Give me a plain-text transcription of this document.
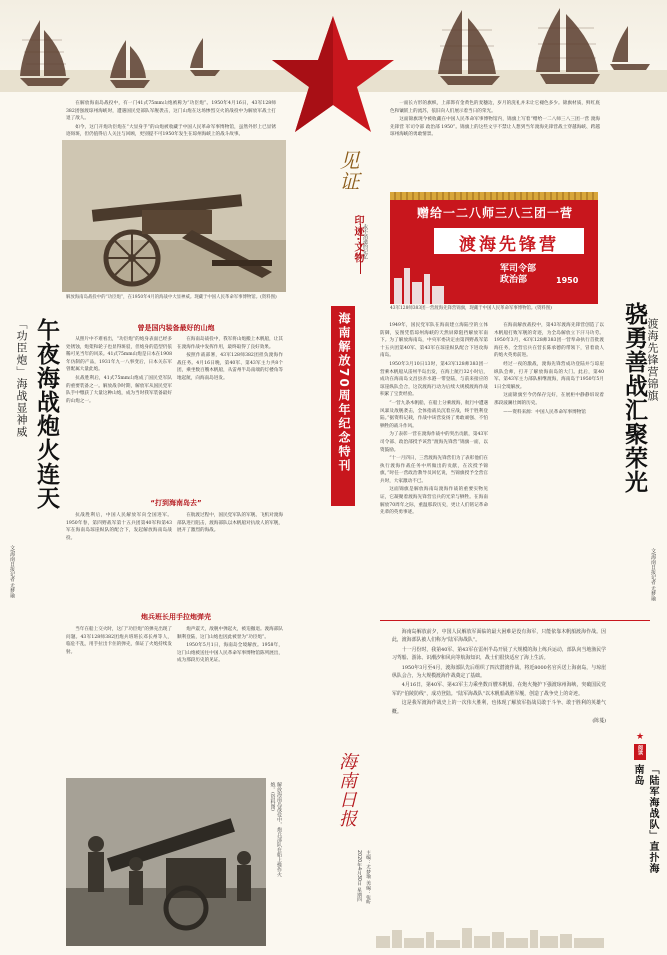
在解放海南岛战役中，有一门41式75mm山炮被称为“功臣炮”。1950年4月16日，43军128师382团强渡琼州海峡时，遭遇国民党部队军舰袭击，这门山炮在这场惨烈交火的战役中为解放军战士打退了敌人。

如今，这门开炮功臣炮在“大显身手”的山炮被收藏于中国人民革命军事博物馆，虽然外形上已显锈迹斑斑，但仍值得后人关注与回顾，更别提不可1950年发生在琼州海峡上的战斗故事。

解放海南岛战役中的“功臣炮”，在1950年4月的海战中大显神威。现藏于中国人民革命军事博物馆。(资料图)
午夜海战炮火连天
「功臣炮」海战显神威
文/海南日报记者 尤梦瑜
曾是国内装备最好的山炮

从照片中不难看出，“功臣炮”的炮身表面已经多处锈蚀，炮架和轮子也显得斑驳，但炮身的造型仍依稀可见当年的风采。41式75mm山炮是日本在1908年仿制的产品，1931年九一八事变后，日本关东军曾配属大量此炮。

抗战胜利后，41式75mm山炮成了国民党军队的重要装备之一。解放战争时期，解放军从国民党军队手中缴获了大量这种山炮，成为当时我军装备最好的山炮之一。

在海南岛战役中，我军将山炮搬上木帆船，让其在渡海作战中发挥作用，最终取得了良好效果。

按照作战部署，43军128师382团担负渡海作战任务。4月16日晚，第40军、第43军主力共8个团，乘坐数百艘木帆船，从雷州半岛南端的灯楼角等地起航，向海南岛进发。

“打到海南岛去”

抗战胜利后，中国人民解放军向全国进军。1950年春，第四野战军第十五兵团第40军和第43军在海南岛琼崖纵队的配合下，发起解放海南岛战役。

在航渡过程中，国民党军队的军舰、飞机对渡海部队进行阻击，渡海部队以木帆船对抗敌人的军舰，展开了激烈的海战。

炮兵班长用手拉炮弹壳

当年在船上交火时，这门“功臣炮”的弹壳出现了问题。43军128师382团炮兵班班长邓长州等人，临危不乱，用手拉出卡住的弹壳，保证了火炮持续发射。

炮声震天，敌舰中弹起火，被迫撤退。渡海部队顺利登陆，这门山炮也因此被誉为“功臣炮”。

1950年5月1日，海南岛全境解放。1958年，这门山炮被送往中国人民革命军事博物馆陈列展出，成为那段历史的见证。

解放海南岛战役中，炮兵部队在船上操作火炮。(资料图)
见证
印迹·文物 永不消逝的记忆
海南解放70周年纪念特刊
海南日报
2020年4月30日 星期四 主编：尤梦瑜 美编：张昕

一面长方形的旗帜，上部饰有金黄色的麦穗边，岁月的洗礼并未让它褪色多少。锦旗材质，鲜红底色和镶嵌上的流苏，依旧向人们展示着当日的荣光。

这面锦旗现今被收藏在中国人民革命军事博物馆内，锦旗上写着“赠给一二八师三八三团一营 渡海先锋营 军司令部 政治部 1950”。锦旗上的这些文字不禁让人想到当年渡海先锋营战士穿越海峡、跨越琼州海峡的勇敢情景。

赠给一二八师三八三团一营
渡海先锋营
军司令部
政治部	1950
43军128师383团一营渡海先锋营锦旗，现藏于中国人民革命军事博物馆。(资料图)	骁勇善战汇聚荣光 渡海先锋营锦旗
文/海南日报记者 尤梦瑜

1949年，国民党军队在海南建立海陆空的立体防御，妄图凭借琼州海峡的天然屏障阻挡解放军南下。为了解放海南岛，中央军委决定由第四野战军第十五兵团第40军、第43军在琼崖纵队配合下进攻海南岛。

1950年3月10日13时，第43军128师383团一营乘木帆船从雷州半岛出发，在海上航行32小时后，成功在海南岛文昌县赤水港一带登陆，与前来接应的琼崖纵队会合，这次渡海行动为后续大规模渡海作战积累了宝贵经验。

“一营九条木帆船，在船上分乘渡海，航行中遭遇风暴及敌舰袭击，全体指战员沉着应战，终于胜利登陆。”据资料记载，作战中该营发扬了勇敢顽强、不怕牺牲的战斗作风。

为了表彰一营在渡海作战中的突出贡献，第43军司令部、政治部授予该营“渡海先锋营”锦旗一面，以资鼓励。

“十一月四日，三营渡海先锋营们为了表彰他们在执行渡海作战任务中所做出的贡献，在次授予锦旗，”时任一营政治教导员回忆说，当锦旗授予全营官兵时，大家激动不已。

这面锦旗是解放海南岛渡海作战的重要实物见证，它凝聚着渡海先锋营官兵的光荣与牺牲。在海南解放70周年之际，重温那段历史，更让人们铭记革命先辈的英勇事迹。

在海南解放战役中，第43军渡海先锋营创造了以木帆船打败军舰的奇迹，为全岛解放立下汗马功劳。1950年3月，43军128师383团一营奉命执行首批渡海任务，全营官兵在营长陈承德的带领下，冒着敌人的炮火英勇前进。

经过一夜的激战，渡海先锋营成功登陆并与琼崖纵队会师，打开了解放海南岛的大门。此后，第40军、第43军主力部队相继渡海，海南岛于1950年5月1日全境解放。

这面锦旗至今仍保存完好，在展柜中静静诉说着那段波澜壮阔的历史。

——资料来源：中国人民革命军事博物馆

海南岛解放前夕，中国人民解放军面临的最大困难是没有海军，只能依靠木帆船渡海作战。因此，渡海部队被人们称为“陆军海战队”。

十一月份时，我第40军、第43军在雷州半岛开展了大规模的海上练兵运动，部队向当地渔民学习驾船、游泳、识潮汐和风向等航海知识，战士们很快适应了海上生活。

1950年3月至4月，渡海部队先后组织了四次潜渡作战，将近8000名官兵送上海南岛，与琼崖纵队会合，为大规模渡海作战奠定了基础。

4月16日，第40军、第43军主力乘坐数百艘木帆船，在炮火掩护下强渡琼州海峡，突破国民党军的“伯陵防线”，成功登陆。“陆军海战队”以木帆船战胜军舰，创造了战争史上的奇迹。

这是我军渡海作战史上的一次伟大胜利，也体现了解放军指战员敢于斗争、敢于胜利的英雄气概。

(陈蔓)

★
阅读
「陆军海战队」直扑海南岛
